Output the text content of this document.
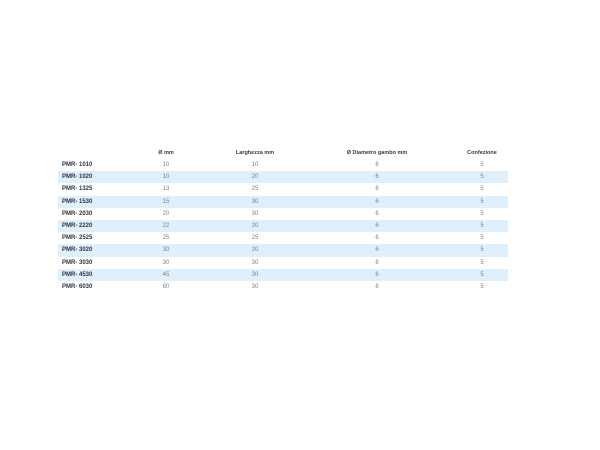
	Ø mm	Larghezza mm	Ø Diametro gambo mm	Confezione
PMR- 1010	10	10	6	5
PMR- 1020	10	20	6	5
PMR- 1325	13	25	6	5
PMR- 1530	15	30	6	5
PMR- 2030	20	30	6	5
PMR- 2220	22	20	6	5
PMR- 2525	25	25	6	5
PMR- 3020	30	20	6	5
PMR- 3030	30	30	6	5
PMR- 4530	45	30	6	5
PMR- 6030	60	30	6	5
